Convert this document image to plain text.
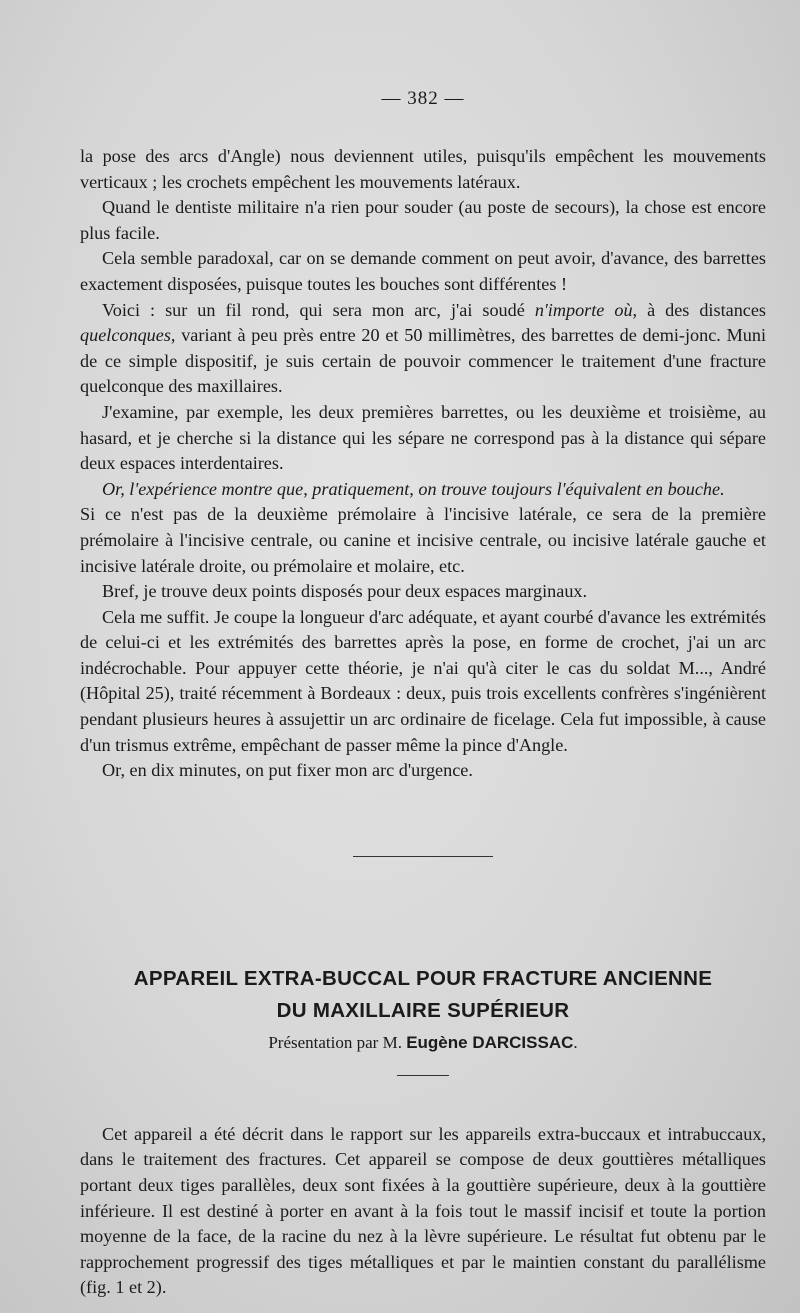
— 382 —

la pose des arcs d'Angle) nous deviennent utiles, puisqu'ils empêchent les mouvements verticaux ; les crochets empêchent les mouvements latéraux.

Quand le dentiste militaire n'a rien pour souder (au poste de secours), la chose est encore plus facile.

Cela semble paradoxal, car on se demande comment on peut avoir, d'avance, des barrettes exactement disposées, puisque toutes les bouches sont différentes !

Voici : sur un fil rond, qui sera mon arc, j'ai soudé n'importe où, à des distances quelconques, variant à peu près entre 20 et 50 millimètres, des barrettes de demi-jonc. Muni de ce simple dispositif, je suis certain de pouvoir commencer le traitement d'une fracture quelconque des maxillaires.

J'examine, par exemple, les deux premières barrettes, ou les deuxième et troisième, au hasard, et je cherche si la distance qui les sépare ne correspond pas à la distance qui sépare deux espaces interdentaires.

Or, l'expérience montre que, pratiquement, on trouve toujours l'équivalent en bouche.

Si ce n'est pas de la deuxième prémolaire à l'incisive latérale, ce sera de la première prémolaire à l'incisive centrale, ou canine et incisive centrale, ou incisive latérale gauche et incisive latérale droite, ou prémolaire et molaire, etc.

Bref, je trouve deux points disposés pour deux espaces marginaux.

Cela me suffit. Je coupe la longueur d'arc adéquate, et ayant courbé d'avance les extrémités de celui-ci et les extrémités des barrettes après la pose, en forme de crochet, j'ai un arc indécrochable. Pour appuyer cette théorie, je n'ai qu'à citer le cas du soldat M..., André (Hôpital 25), traité récemment à Bordeaux : deux, puis trois excellents confrères s'ingénièrent pendant plusieurs heures à assujettir un arc ordinaire de ficelage. Cela fut impossible, à cause d'un trismus extrême, empêchant de passer même la pince d'Angle.

Or, en dix minutes, on put fixer mon arc d'urgence.

APPAREIL EXTRA-BUCCAL POUR FRACTURE ANCIENNE
DU MAXILLAIRE SUPÉRIEUR
Présentation par M. Eugène DARCISSAC.

Cet appareil a été décrit dans le rapport sur les appareils extra-buccaux et intrabuccaux, dans le traitement des fractures. Cet appareil se compose de deux gouttières métalliques portant deux tiges parallèles, deux sont fixées à la gouttière supérieure, deux à la gouttière inférieure. Il est destiné à porter en avant à la fois tout le massif incisif et toute la portion moyenne de la face, de la racine du nez à la lèvre supérieure. Le résultat fut obtenu par le rapprochement progressif des tiges métalliques et par le maintien constant du parallélisme (fig. 1 et 2).
